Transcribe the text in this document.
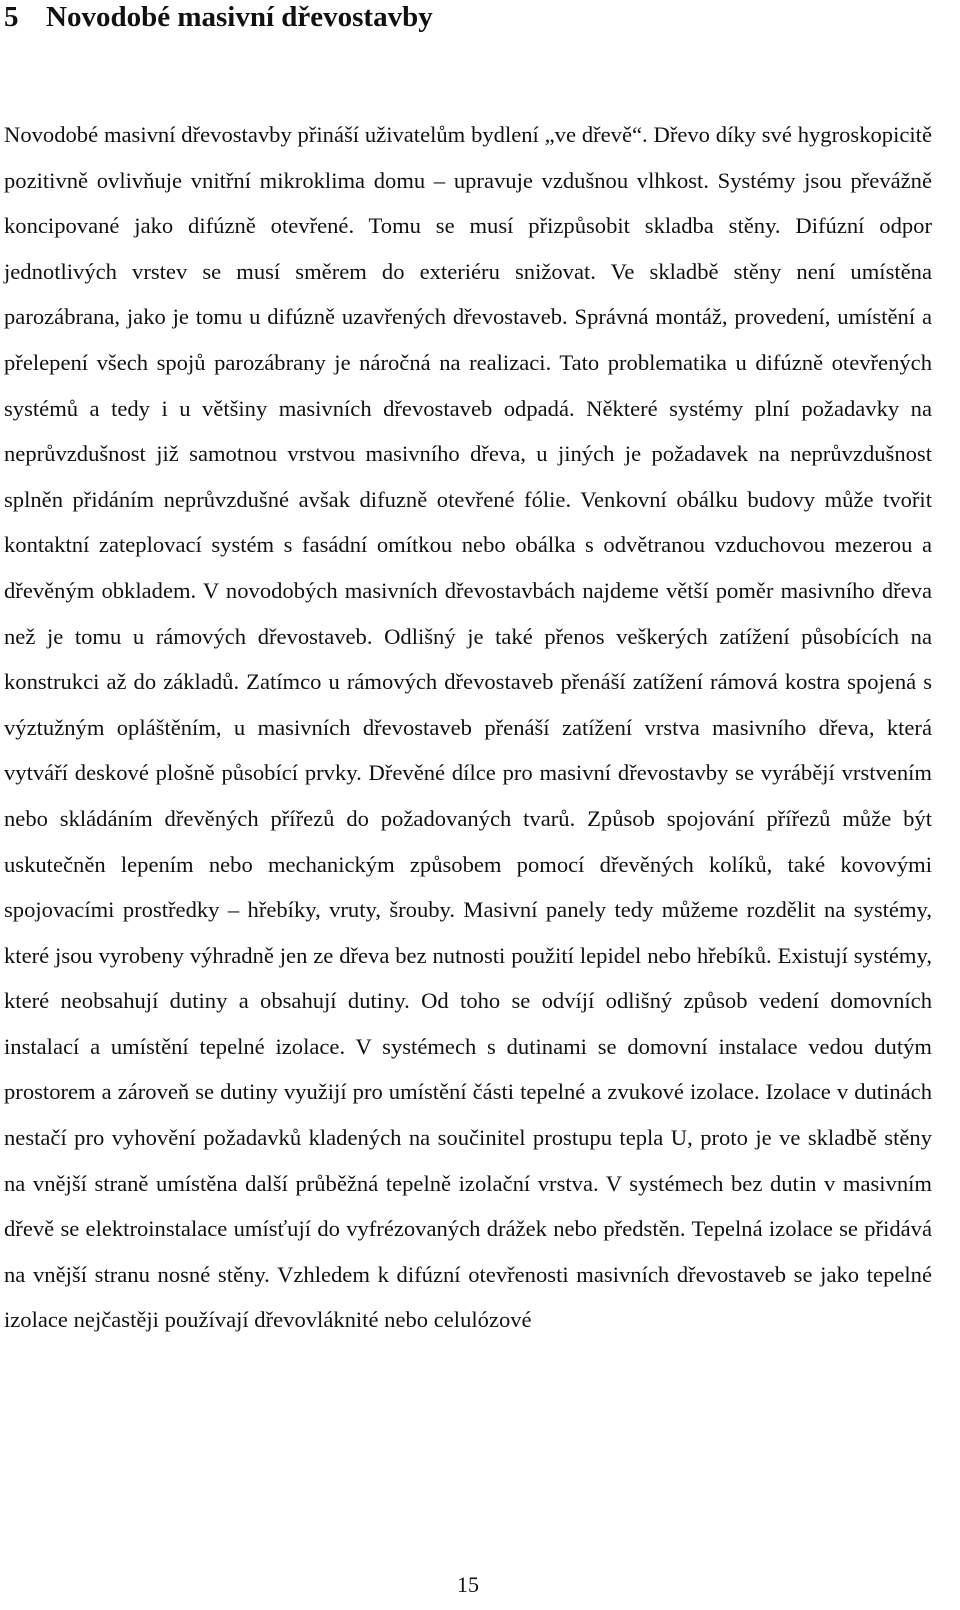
5 Novodobé masivní dřevostavby

Novodobé masivní dřevostavby přináší uživatelům bydlení „ve dřevě“. Dřevo díky své hygroskopicitě pozitivně ovlivňuje vnitřní mikroklima domu – upravuje vzdušnou vlhkost. Systémy jsou převážně koncipované jako difúzně otevřené. Tomu se musí přizpůsobit skladba stěny. Difúzní odpor jednotlivých vrstev se musí směrem do exteriéru snižovat. Ve skladbě stěny není umístěna parozábrana, jako je tomu u difúzně uzavřených dřevostaveb. Správná montáž, provedení, umístění a přelepení všech spojů parozábrany je náročná na realizaci. Tato problematika u difúzně otevřených systémů a tedy i u většiny masivních dřevostaveb odpadá. Některé systémy plní požadavky na neprůvzdušnost již samotnou vrstvou masivního dřeva, u jiných je požadavek na neprůvzdušnost splněn přidáním neprůvzdušné avšak difuzně otevřené fólie. Venkovní obálku budovy může tvořit kontaktní zateplovací systém s fasádní omítkou nebo obálka s odvětranou vzduchovou mezerou a dřevěným obkladem. V novodobých masivních dřevostavbách najdeme větší poměr masivního dřeva než je tomu u rámových dřevostaveb. Odlišný je také přenos veškerých zatížení působících na konstrukci až do základů. Zatímco u rámových dřevostaveb přenáší zatížení rámová kostra spojená s výztužným opláštěním, u masivních dřevostaveb přenáší zatížení vrstva masivního dřeva, která vytváří deskové plošně působící prvky. Dřevěné dílce pro masivní dřevostavby se vyrábějí vrstvením nebo skládáním dřevěných přířezů do požadovaných tvarů. Způsob spojování přířezů může být uskutečněn lepením nebo mechanickým způsobem pomocí dřevěných kolíků, také kovovými spojovacími prostředky – hřebíky, vruty, šrouby. Masivní panely tedy můžeme rozdělit na systémy, které jsou vyrobeny výhradně jen ze dřeva bez nutnosti použití lepidel nebo hřebíků. Existují systémy, které neobsahují dutiny a obsahují dutiny. Od toho se odvíjí odlišný způsob vedení domovních instalací a umístění tepelné izolace. V systémech s dutinami se domovní instalace vedou dutým prostorem a zároveň se dutiny využijí pro umístění části tepelné a zvukové izolace. Izolace v dutinách nestačí pro vyhovění požadavků kladených na součinitel prostupu tepla U, proto je ve skladbě stěny na vnější straně umístěna další průběžná tepelně izolační vrstva. V systémech bez dutin v masivním dřevě se elektroinstalace umísťují do vyfrézovaných drážek nebo předstěn. Tepelná izolace se přidává na vnější stranu nosné stěny. Vzhledem k difúzní otevřenosti masivních dřevostaveb se jako tepelné izolace nejčastěji používají dřevovláknité nebo celulózové

15
